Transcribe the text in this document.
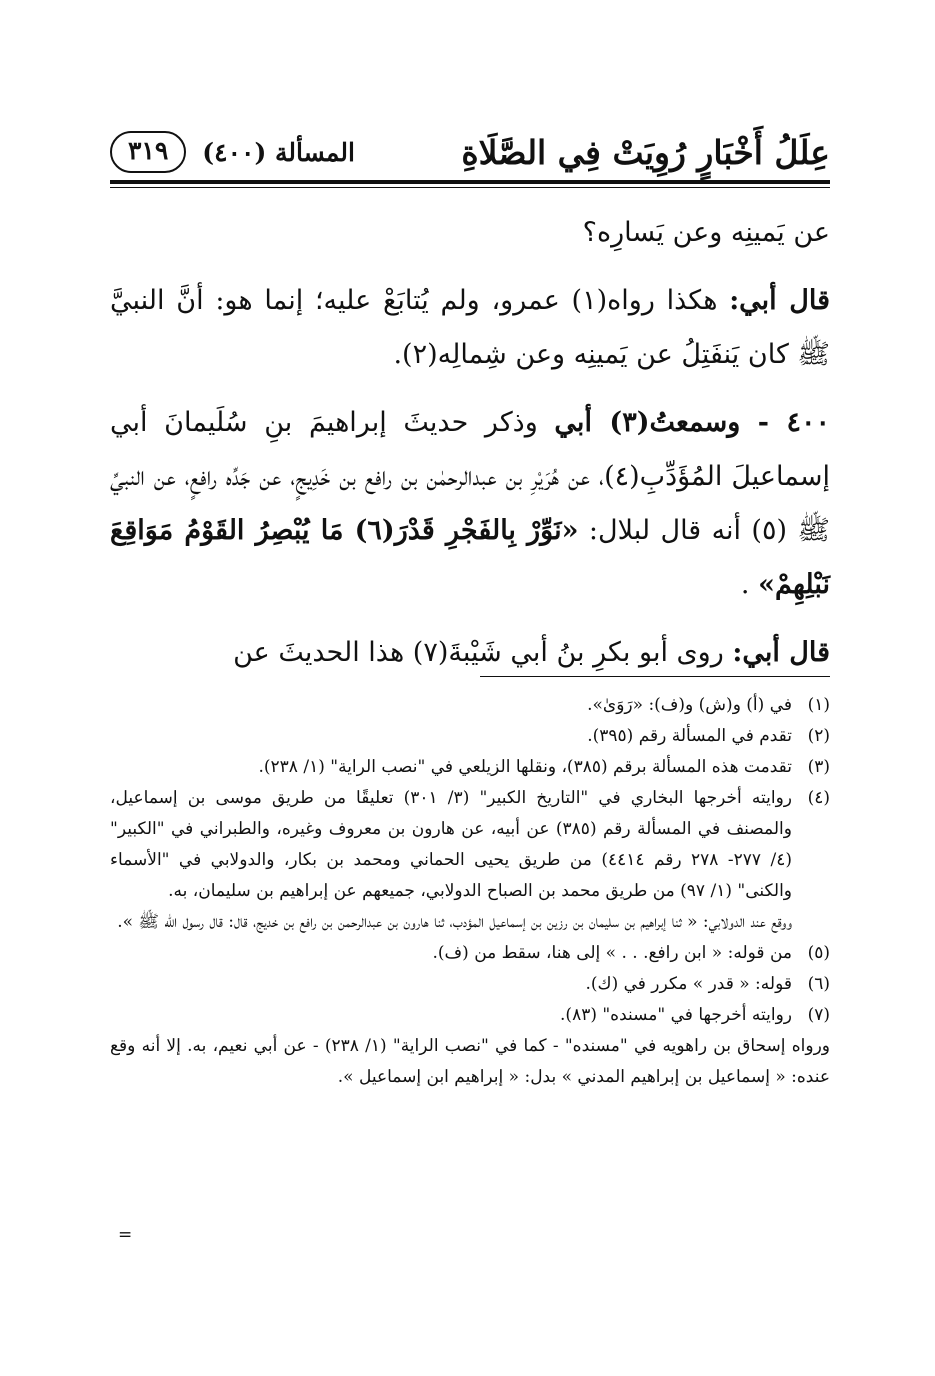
عِلَلُ أَخْبَارٍ رُوِيَتْ فِي الصَّلَاةِ
المسألة (٤٠٠)
٣١٩

عن يَمينِه وعن يَسارِه؟

قال أبي: هكذا رواه(١) عمرو، ولم يُتابَعْ عليه؛ إنما هو: أنَّ النبيَّ ﷺ كان يَنفَتِلُ عن يَمينِه وعن شِمالِه(٢).

٤٠٠ - وسمعتُ(٣) أبي وذكر حديثَ إبراهيمَ بنِ سُلَيمانَ أبي إسماعيلَ المُؤَدِّبِ(٤)، عن هُرَيْرِ بن عبدالرحمٰن بن رافع بن خَدِيجٍ، عن جَدِّه رافعٍ، عن النبيِّ ﷺ (٥) أنه قال لبلال: «نَوِّرْ بِالفَجْرِ قَدْرَ(٦) مَا يُبْصِرُ القَوْمُ مَوَاقِعَ نَبْلِهِمْ» .

قال أبي: روى أبو بكرِ بنُ أبي شَيْبةَ(٧) هذا الحديثَ عن

(١)
في (أ) و(ش) و(ف): «رَوَىٰ».
(٢)
تقدم في المسألة رقم (٣٩٥).
(٣)
تقدمت هذه المسألة برقم (٣٨٥)، ونقلها الزيلعي في "نصب الراية" (١/ ٢٣٨).
(٤)
روايته أخرجها البخاري في "التاريخ الكبير" (٣/ ٣٠١) تعليقًا من طريق موسى بن إسماعيل، والمصنف في المسألة رقم (٣٨٥) عن أبيه، عن هارون بن معروف وغيره، والطبراني في "الكبير" (٤/ ٢٧٧- ٢٧٨ رقم ٤٤١٤) من طريق يحيى الحماني ومحمد بن بكار، والدولابي في "الأسماء والكنى" (١/ ٩٧) من طريق محمد بن الصباح الدولابي، جميعهم عن إبراهيم بن سليمان، به.
ووقع عند الدولابي: « ثنا إبراهيم بن سليمان بن رزين بن إسماعيل المؤدب، ثنا هارون بن عبدالرحمن بن رافع بن خديج، قال: قال رسول الله ﷺ ».
(٥)
من قوله: « ابن رافع. . . » إلى هنا، سقط من (ف).
(٦)
قوله: « قدر » مكرر في (ك).
(٧)
روايته أخرجها في "مسنده" (٨٣).

ورواه إسحاق بن راهويه في "مسنده" - كما في "نصب الراية" (١/ ٢٣٨) - عن أبي نعيم، به. إلا أنه وقع عنده: « إسماعيل بن إبراهيم المدني » بدل: « إبراهيم ابن إسماعيل ».

=
